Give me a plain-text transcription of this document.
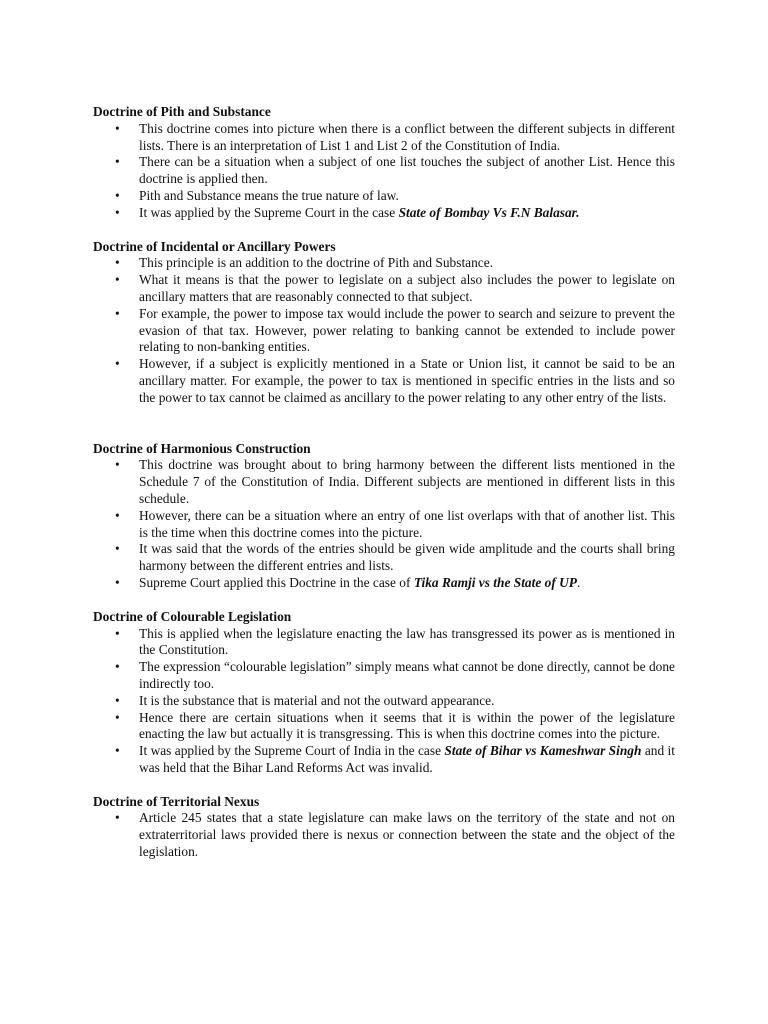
Doctrine of Pith and Substance
• This doctrine comes into picture when there is a conflict between the different subjects in different lists. There is an interpretation of List 1 and List 2 of the Constitution of India.
• There can be a situation when a subject of one list touches the subject of another List. Hence this doctrine is applied then.
• Pith and Substance means the true nature of law.
• It was applied by the Supreme Court in the case State of Bombay Vs F.N Balasar.
Doctrine of Incidental or Ancillary Powers
• This principle is an addition to the doctrine of Pith and Substance.
• What it means is that the power to legislate on a subject also includes the power to legislate on ancillary matters that are reasonably connected to that subject.
• For example, the power to impose tax would include the power to search and seizure to prevent the evasion of that tax. However, power relating to banking cannot be extended to include power relating to non-banking entities.
• However, if a subject is explicitly mentioned in a State or Union list, it cannot be said to be an ancillary matter. For example, the power to tax is mentioned in specific entries in the lists and so the power to tax cannot be claimed as ancillary to the power relating to any other entry of the lists.
Doctrine of Harmonious Construction
• This doctrine was brought about to bring harmony between the different lists mentioned in the Schedule 7 of the Constitution of India. Different subjects are mentioned in different lists in this schedule.
• However, there can be a situation where an entry of one list overlaps with that of another list. This is the time when this doctrine comes into the picture.
• It was said that the words of the entries should be given wide amplitude and the courts shall bring harmony between the different entries and lists.
• Supreme Court applied this Doctrine in the case of Tika Ramji vs the State of UP.
Doctrine of Colourable Legislation
• This is applied when the legislature enacting the law has transgressed its power as is mentioned in the Constitution.
• The expression “colourable legislation” simply means what cannot be done directly, cannot be done indirectly too.
• It is the substance that is material and not the outward appearance.
• Hence there are certain situations when it seems that it is within the power of the legislature enacting the law but actually it is transgressing. This is when this doctrine comes into the picture.
• It was applied by the Supreme Court of India in the case State of Bihar vs Kameshwar Singh and it was held that the Bihar Land Reforms Act was invalid.
Doctrine of Territorial Nexus
• Article 245 states that a state legislature can make laws on the territory of the state and not on extraterritorial laws provided there is nexus or connection between the state and the object of the legislation.
